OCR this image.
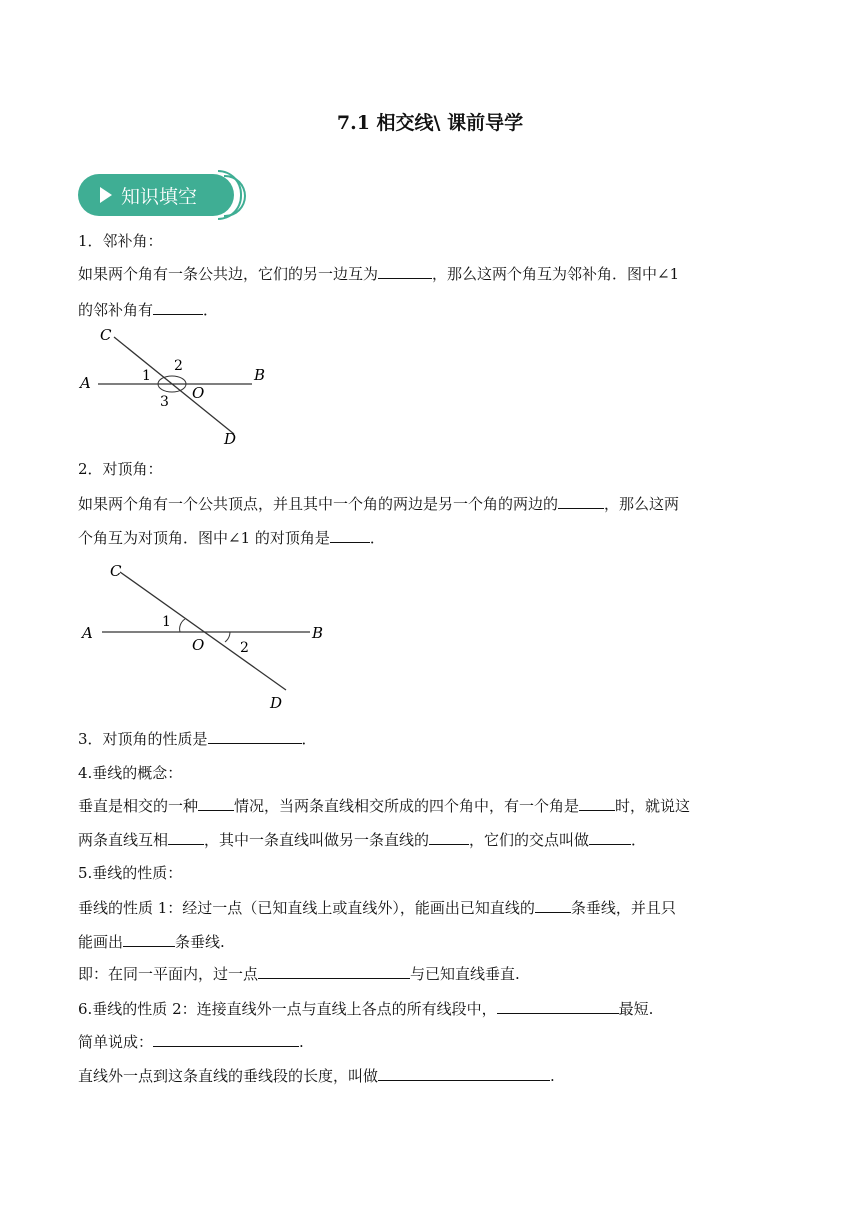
7.1 相交线\ 课前导学
知识填空
1．邻补角：
如果两个角有一条公共边，它们的另一边互为	，那么这两个角互为邻补角．图中∠1
的邻补角有	．
C
A	B
O
D
1
2
3
2．对顶角：
如果两个角有一个公共顶点，并且其中一个角的两边是另一个角的两边的	，那么这两
个角互为对顶角．图中∠1 的对顶角是	．
C
A	B
O
D
1
2
3．对顶角的性质是	．
4.垂线的概念：
垂直是相交的一种 情况，当两条直线相交所成的四个角中，有一个角是 时，就说这
两条直线互相 ，其中一条直线叫做另一条直线的	，它们的交点叫做	．
5.垂线的性质：
垂线的性质 1：经过一点（已知直线上或直线外），能画出已知直线的 条垂线，并且只
能画出	条垂线.
即：在同一平面内，过一点	与已知直线垂直.
6.垂线的性质 2：连接直线外一点与直线上各点的所有线段中，	最短.
简单说成：	.
直线外一点到这条直线的垂线段的长度，叫做	.
